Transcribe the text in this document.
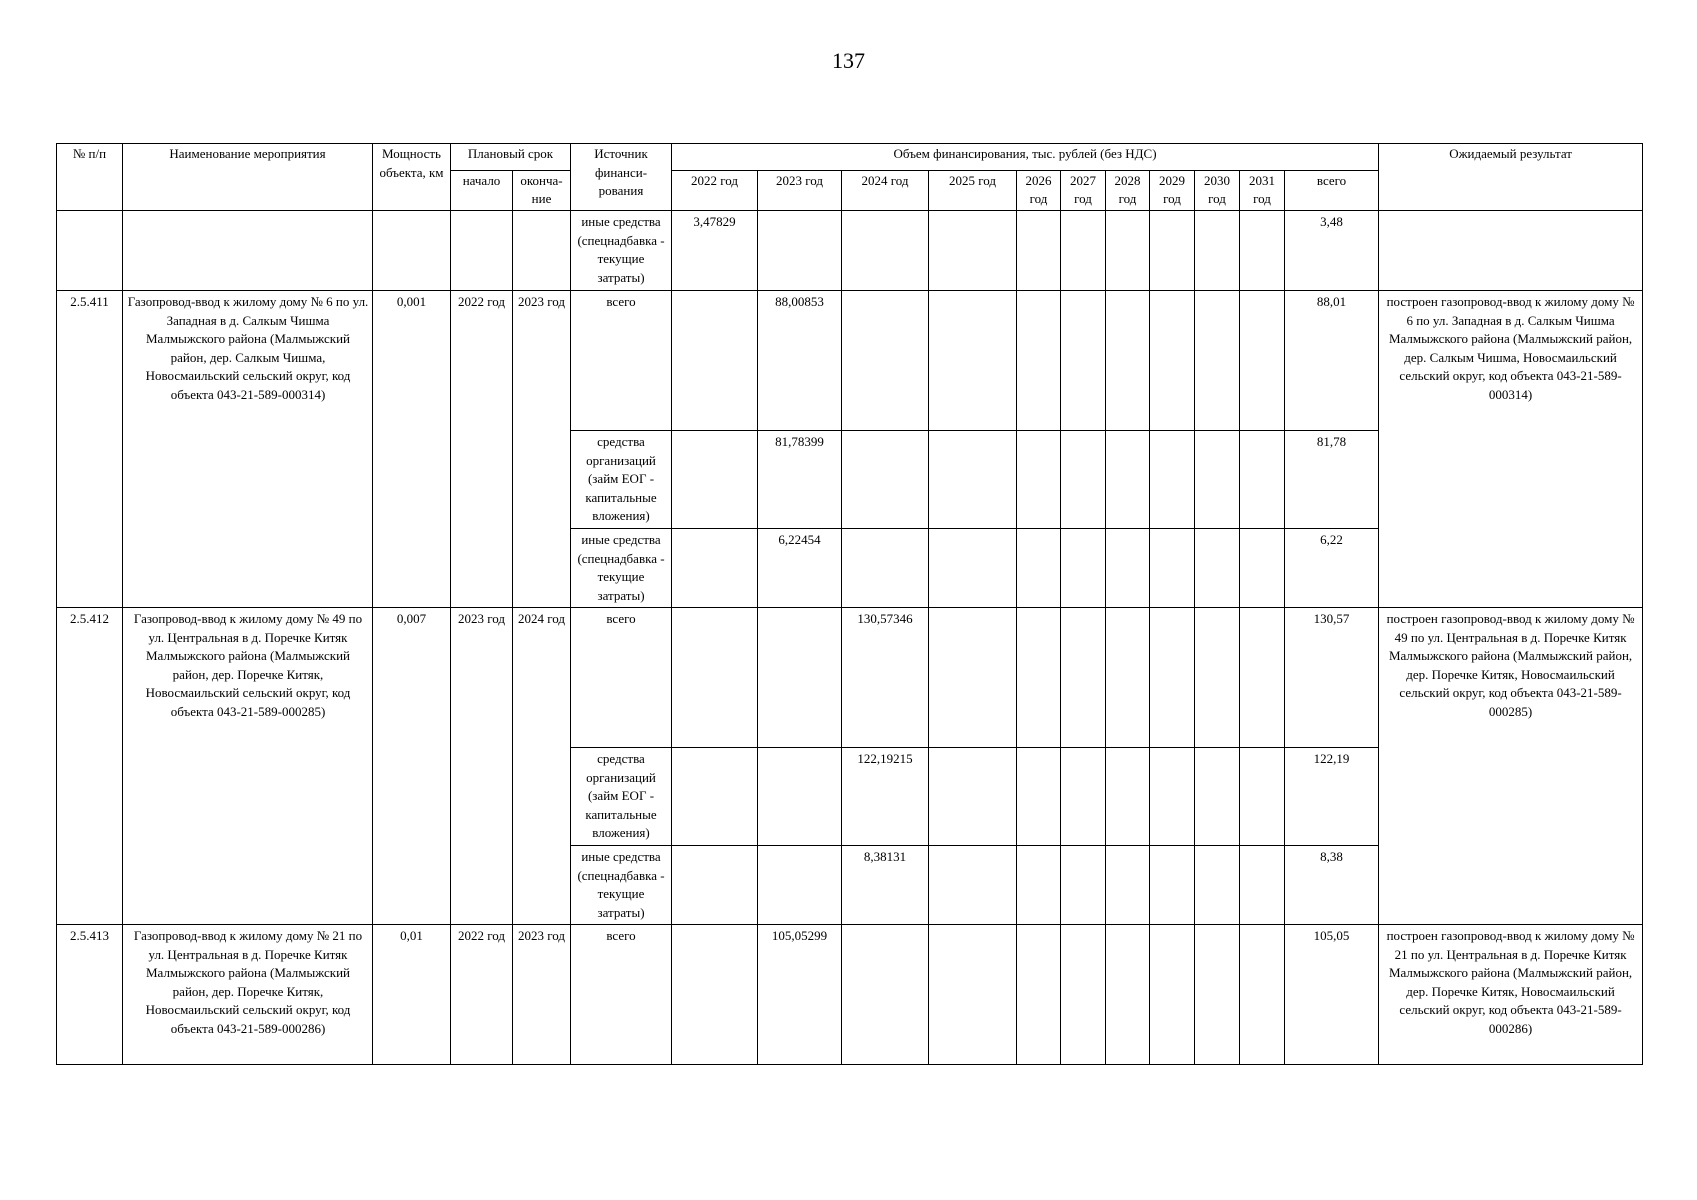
137
№ п/п	Наименование мероприятия	Мощность объекта, км	Плановый срок		Источник финанси-рования	Объем финансирования, тыс. рублей (без НДС)											Ожидаемый результат
			начало	оконча-ние		2022 год	2023 год	2024 год	2025 год	2026 год	2027 год	2028 год	2029 год	2030 год	2031 год	всего	
					иные средства (спецнадбавка - текущие затраты)	3,47829										3,48	
2.5.411	Газопровод-ввод к жилому дому № 6 по ул. Западная в д. Салкым Чишма Малмыжского района (Малмыжский район, дер. Салкым Чишма, Новосмаильский сельский округ, код объекта 043-21-589-000314)	0,001	2022 год	2023 год	всего		88,00853									88,01	построен газопровод-ввод к жилому дому № 6 по ул. Западная в д. Салкым Чишма Малмыжского района (Малмыжский район, дер. Салкым Чишма, Новосмаильский сельский округ, код объекта 043-21-589-000314)
					средства организаций (займ ЕОГ - капитальные вложения)		81,78399									81,78	
					иные средства (спецнадбавка - текущие затраты)		6,22454									6,22	
2.5.412	Газопровод-ввод к жилому дому № 49 по ул. Центральная в д. Поречке Китяк Малмыжского района (Малмыжский район, дер. Поречке Китяк, Новосмаильский сельский округ, код объекта 043-21-589-000285)	0,007	2023 год	2024 год	всего			130,57346								130,57	построен газопровод-ввод к жилому дому № 49 по ул. Центральная в д. Поречке Китяк Малмыжского района (Малмыжский район, дер. Поречке Китяк, Новосмаильский сельский округ, код объекта 043-21-589-000285)
					средства организаций (займ ЕОГ - капитальные вложения)			122,19215								122,19	
					иные средства (спецнадбавка - текущие затраты)			8,38131								8,38	
2.5.413	Газопровод-ввод к жилому дому № 21 по ул. Центральная в д. Поречке Китяк Малмыжского района (Малмыжский район, дер. Поречке Китяк, Новосмаильский сельский округ, код объекта 043-21-589-000286)	0,01	2022 год	2023 год	всего		105,05299									105,05	построен газопровод-ввод к жилому дому № 21 по ул. Центральная в д. Поречке Китяк Малмыжского района (Малмыжский район, дер. Поречке Китяк, Новосмаильский сельский округ, код объекта 043-21-589-000286)
